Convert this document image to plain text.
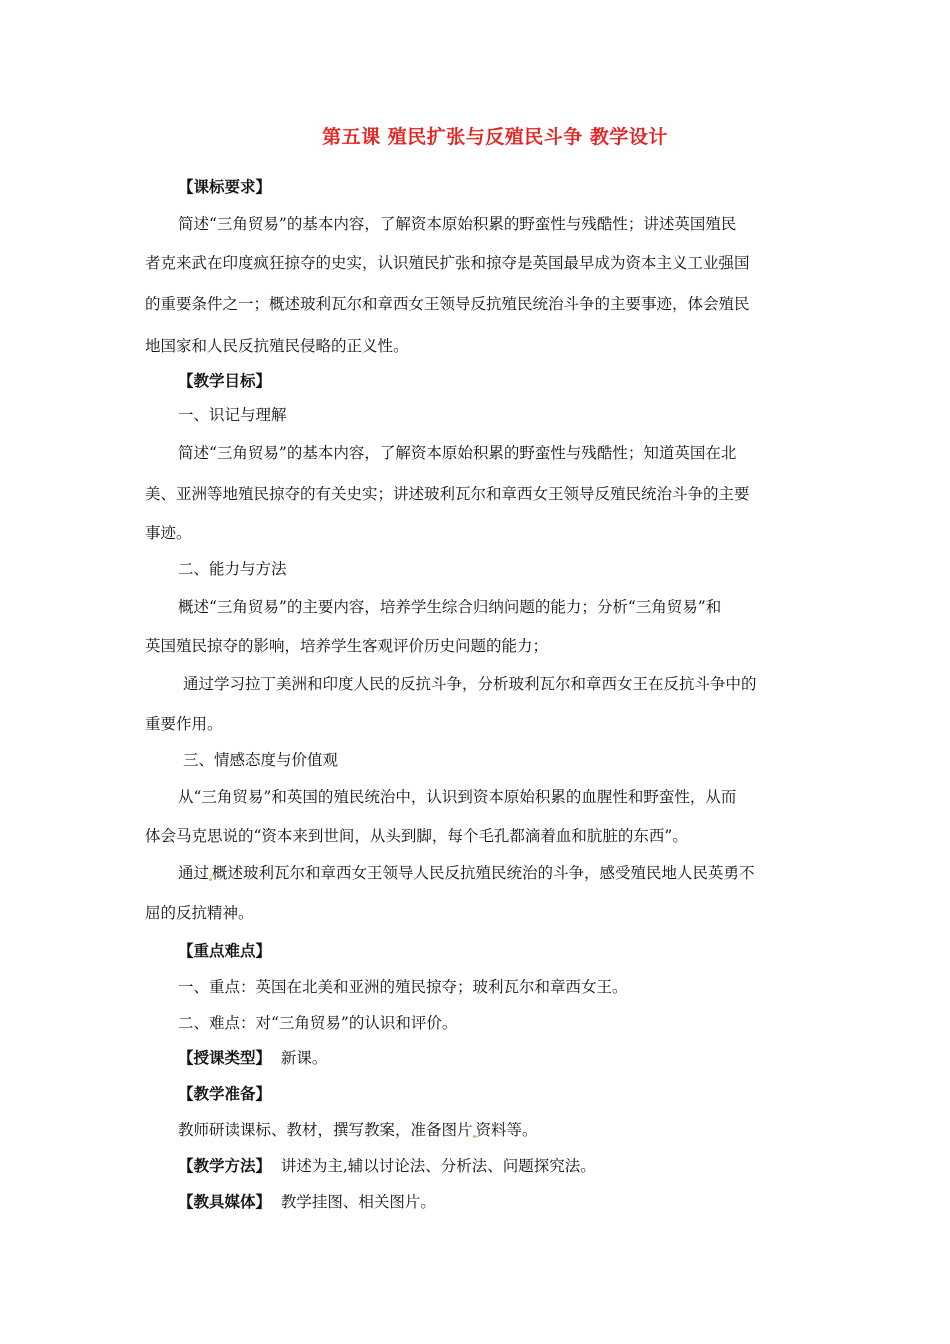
第五课 殖民扩张与反殖民斗争 教学设计
【课标要求】
简述“三角贸易”的基本内容，了解资本原始积累的野蛮性与残酷性；讲述英国殖民
者克来武在印度疯狂掠夺的史实，认识殖民扩张和掠夺是英国最早成为资本主义工业强国
的重要条件之一；概述玻利瓦尔和章西女王领导反抗殖民统治斗争的主要事迹，体会殖民
地国家和人民反抗殖民侵略的正义性。
【教学目标】
一、识记与理解
简述“三角贸易”的基本内容，了解资本原始积累的野蛮性与残酷性；知道英国在北
美、亚洲等地殖民掠夺的有关史实；讲述玻利瓦尔和章西女王领导反殖民统治斗争的主要
事迹。
二、能力与方法
概述“三角贸易”的主要内容，培养学生综合归纳问题的能力；分析“三角贸易”和
英国殖民掠夺的影响，培养学生客观评价历史问题的能力；
通过学习拉丁美洲和印度人民的反抗斗争，分析玻利瓦尔和章西女王在反抗斗争中的
重要作用。
三、情感态度与价值观
从“三角贸易”和英国的殖民统治中，认识到资本原始积累的血腥性和野蛮性，从而
体会马克思说的“资本来到世间，从头到脚，每个毛孔都滴着血和肮脏的东西”。
通过 概述玻利瓦尔和章西女王领导人民反抗殖民统治的斗争，感受殖民地人民英勇不
屈的反抗精神。
【重点难点】
一、重点：英国在北美和亚洲的殖民掠夺；玻利瓦尔和章西女王。
二、难点：对“三角贸易”的认识和评价。
【授课类型】 新课。
【教学准备】
教师研读课标、教材，撰写教案，准备图片 资料等。
【教学方法】 讲述为主,辅以讨论法、分析法、问题探究法。
【教具媒体】 教学挂图、相关图片。
